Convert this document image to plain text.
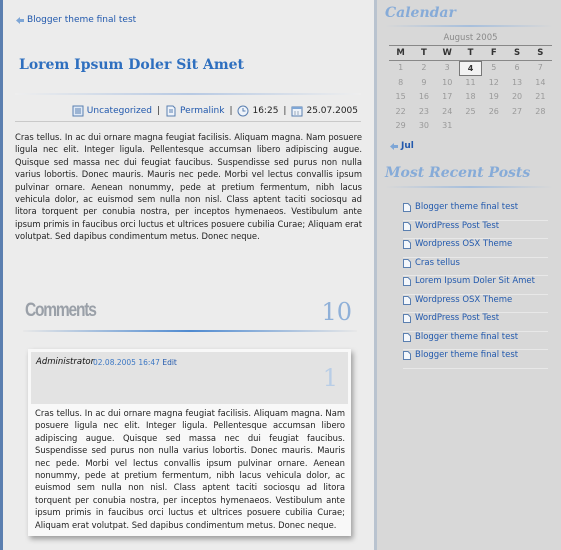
Blogger theme final test
Lorem Ipsum Doler Sit Amet
Uncategorized | Permalink | 16:25 | 25.07.2005

Cras tellus. In ac dui ornare magna feugiat facilisis. Aliquam magna. Nam posuere ligula nec elit. Integer ligula. Pellentesque accumsan libero adipiscing augue. Quisque sed massa nec dui feugiat faucibus. Suspendisse sed purus non nulla varius lobortis. Donec mauris. Mauris nec pede. Morbi vel lectus convallis ipsum pulvinar ornare. Aenean nonummy, pede at pretium fermentum, nibh lacus vehicula dolor, ac euismod sem nulla non nisl. Class aptent taciti sociosqu ad litora torquent per conubia nostra, per inceptos hymenaeos. Vestibulum ante ipsum primis in faucibus orci luctus et ultrices posuere cubilia Curae; Aliquam erat volutpat. Sed dapibus condimentum metus. Donec neque.

Comments	10
Administrator
02.08.2005 16:47 Edit
1

Cras tellus. In ac dui ornare magna feugiat facilisis. Aliquam magna. Nam posuere ligula nec elit. Integer ligula. Pellentesque accumsan libero adipiscing augue. Quisque sed massa nec dui feugiat faucibus. Suspendisse sed purus non nulla varius lobortis. Donec mauris. Mauris nec pede. Morbi vel lectus convallis ipsum pulvinar ornare. Aenean nonummy, pede at pretium fermentum, nibh lacus vehicula dolor, ac euismod sem nulla non nisl. Class aptent taciti sociosqu ad litora torquent per conubia nostra, per inceptos hymenaeos. Vestibulum ante ipsum primis in faucibus orci luctus et ultrices posuere cubilia Curae; Aliquam erat volutpat. Sed dapibus condimentum metus. Donec neque.

Calendar
August 2005
M	T	W	T	F	S	S
1	2	3	4	5	6	7
8	9	10	11	12	13	14
15	16	17	18	19	20	21
22	23	24	25	26	27	28
29	30	31
Jul
Most Recent Posts
Blogger theme final test
WordPress Post Test
Wordpress OSX Theme
Cras tellus
Lorem Ipsum Doler Sit Amet
Wordpress OSX Theme
WordPress Post Test
Blogger theme final test
Blogger theme final test
